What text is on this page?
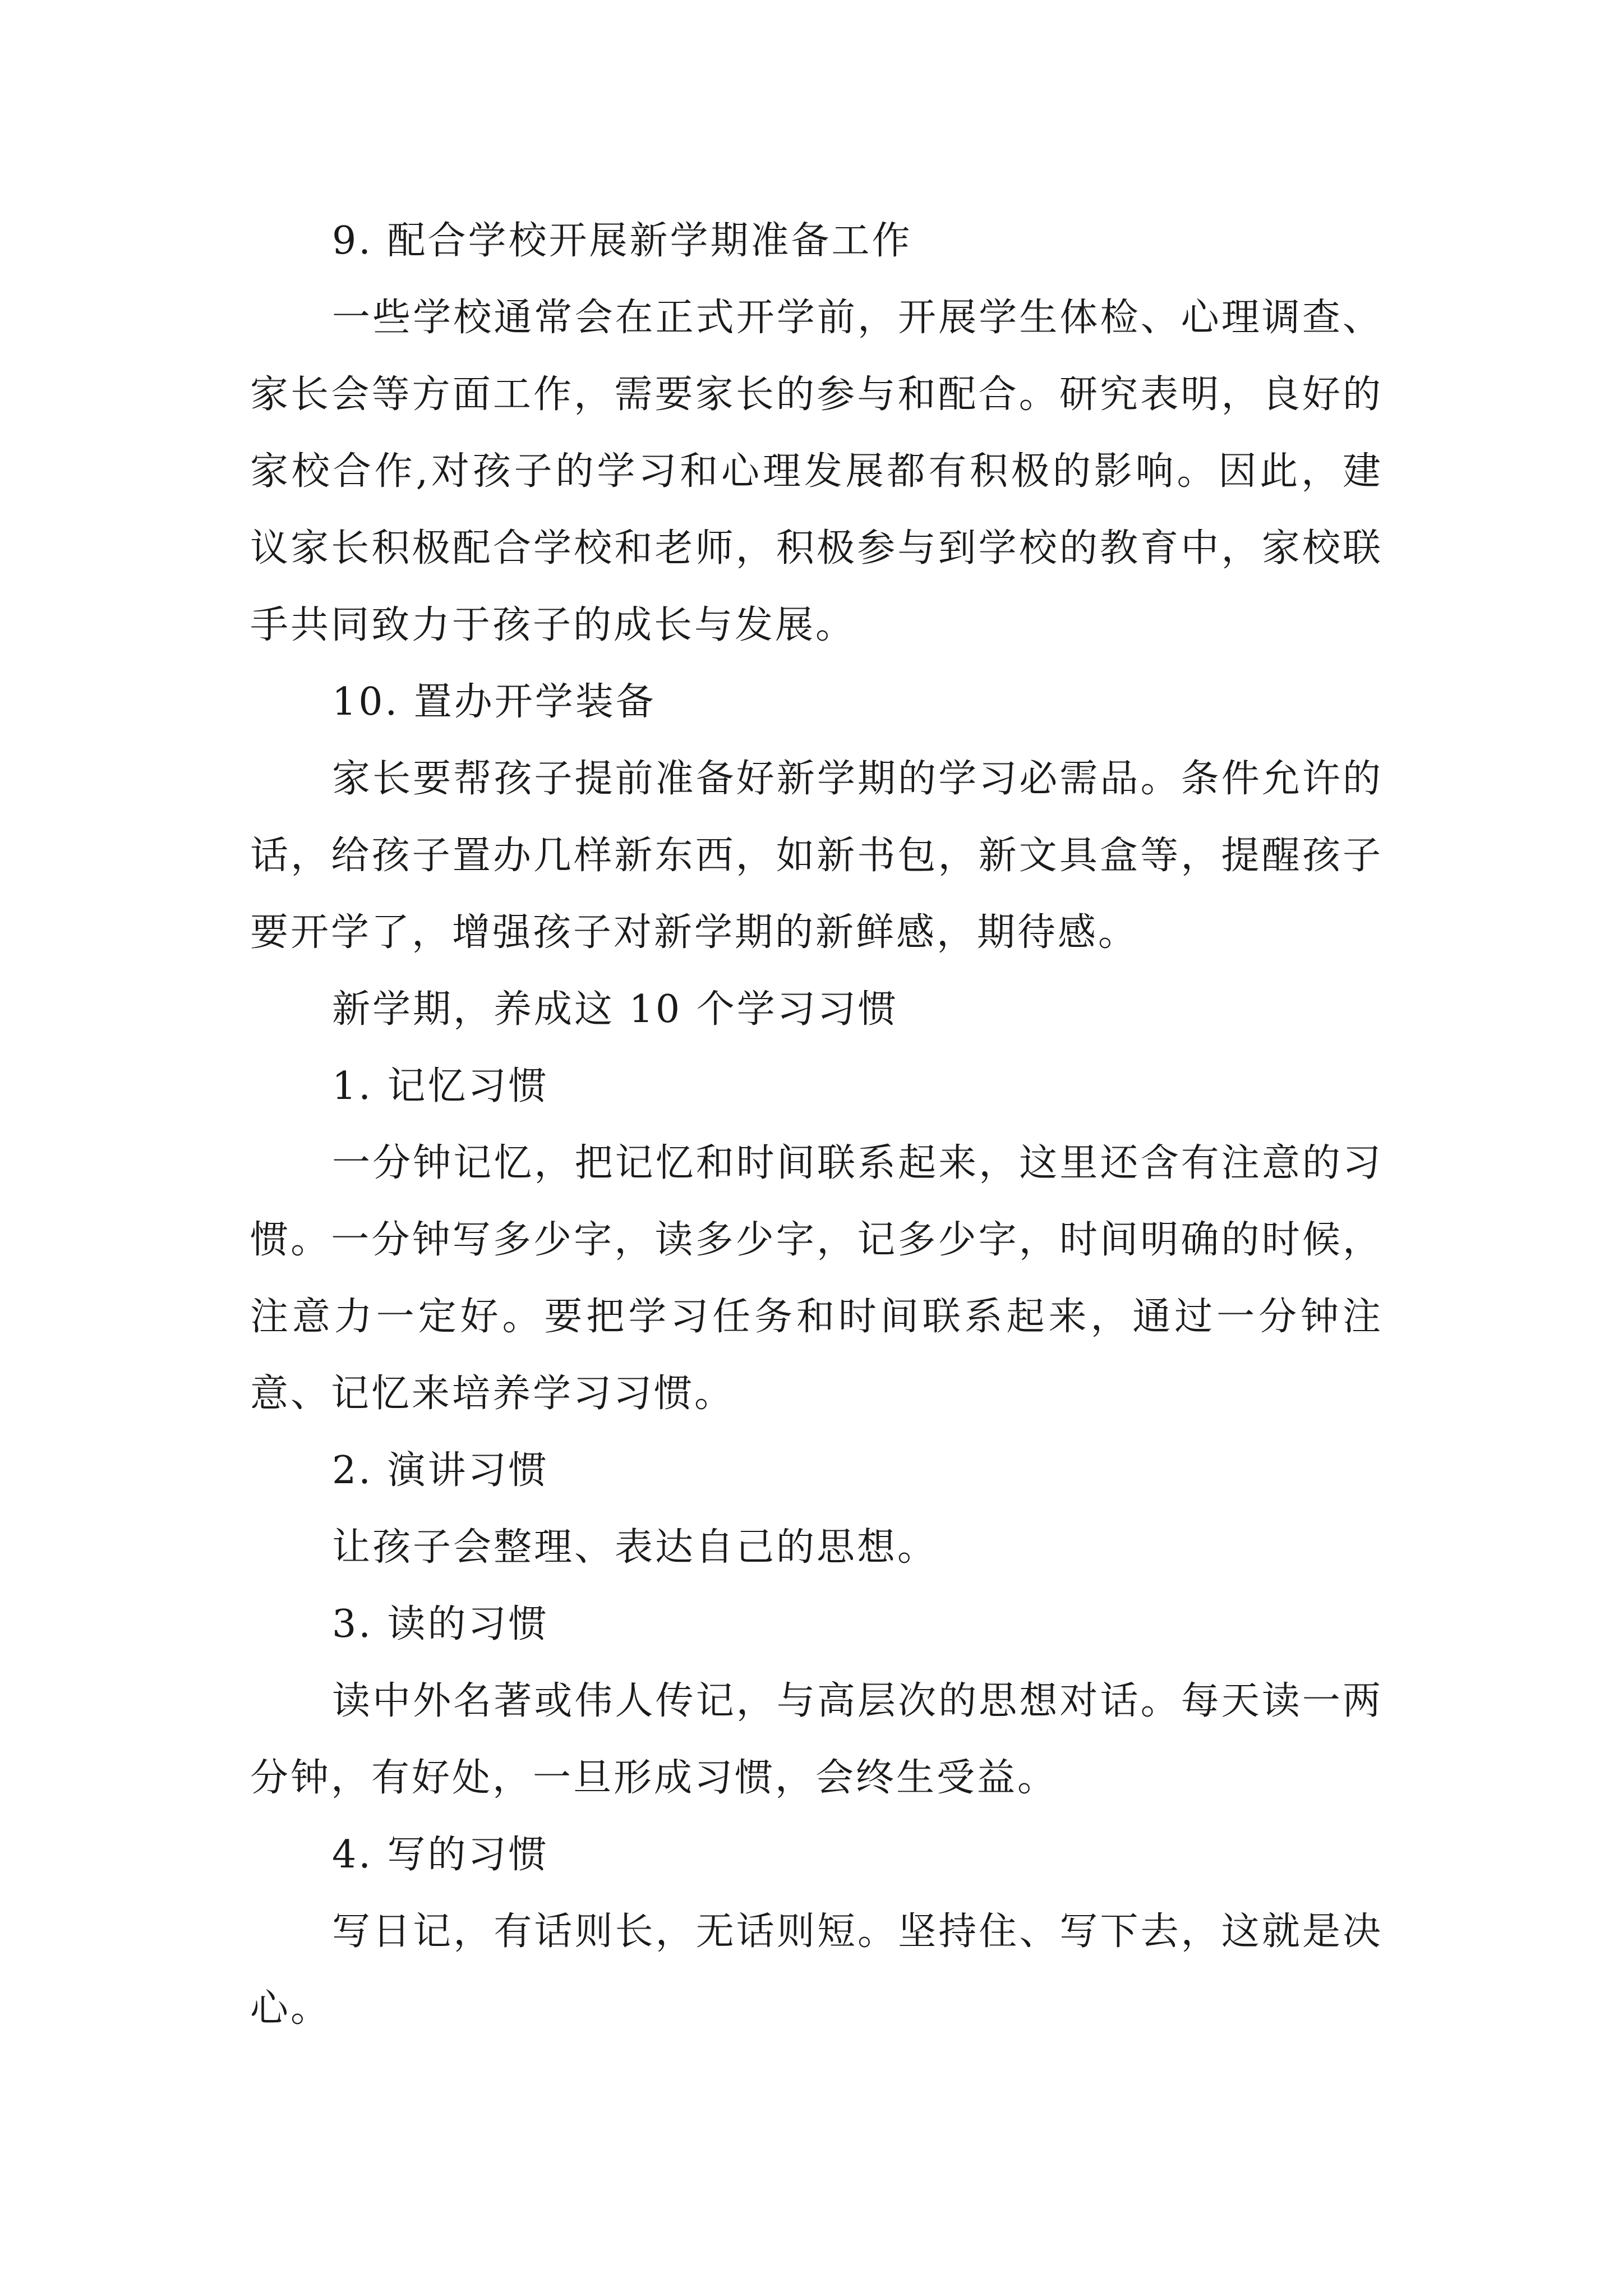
9. 配合学校开展新学期准备工作

一些学校通常会在正式开学前，开展学生体检、心理调查、家长会等方面工作，需要家长的参与和配合。研究表明，良好的家校合作,对孩子的学习和心理发展都有积极的影响。因此，建议家长积极配合学校和老师，积极参与到学校的教育中，家校联手共同致力于孩子的成长与发展。

10. 置办开学装备

家长要帮孩子提前准备好新学期的学习必需品。条件允许的话，给孩子置办几样新东西，如新书包，新文具盒等，提醒孩子要开学了，增强孩子对新学期的新鲜感，期待感。

新学期，养成这 10 个学习习惯

1. 记忆习惯

一分钟记忆，把记忆和时间联系起来，这里还含有注意的习惯。一分钟写多少字，读多少字，记多少字，时间明确的时候，注意力一定好。要把学习任务和时间联系起来，通过一分钟注意、记忆来培养学习习惯。

2. 演讲习惯

让孩子会整理、表达自己的思想。

3. 读的习惯

读中外名著或伟人传记，与高层次的思想对话。每天读一两分钟，有好处，一旦形成习惯，会终生受益。

4. 写的习惯

写日记，有话则长，无话则短。坚持住、写下去，这就是决心。
